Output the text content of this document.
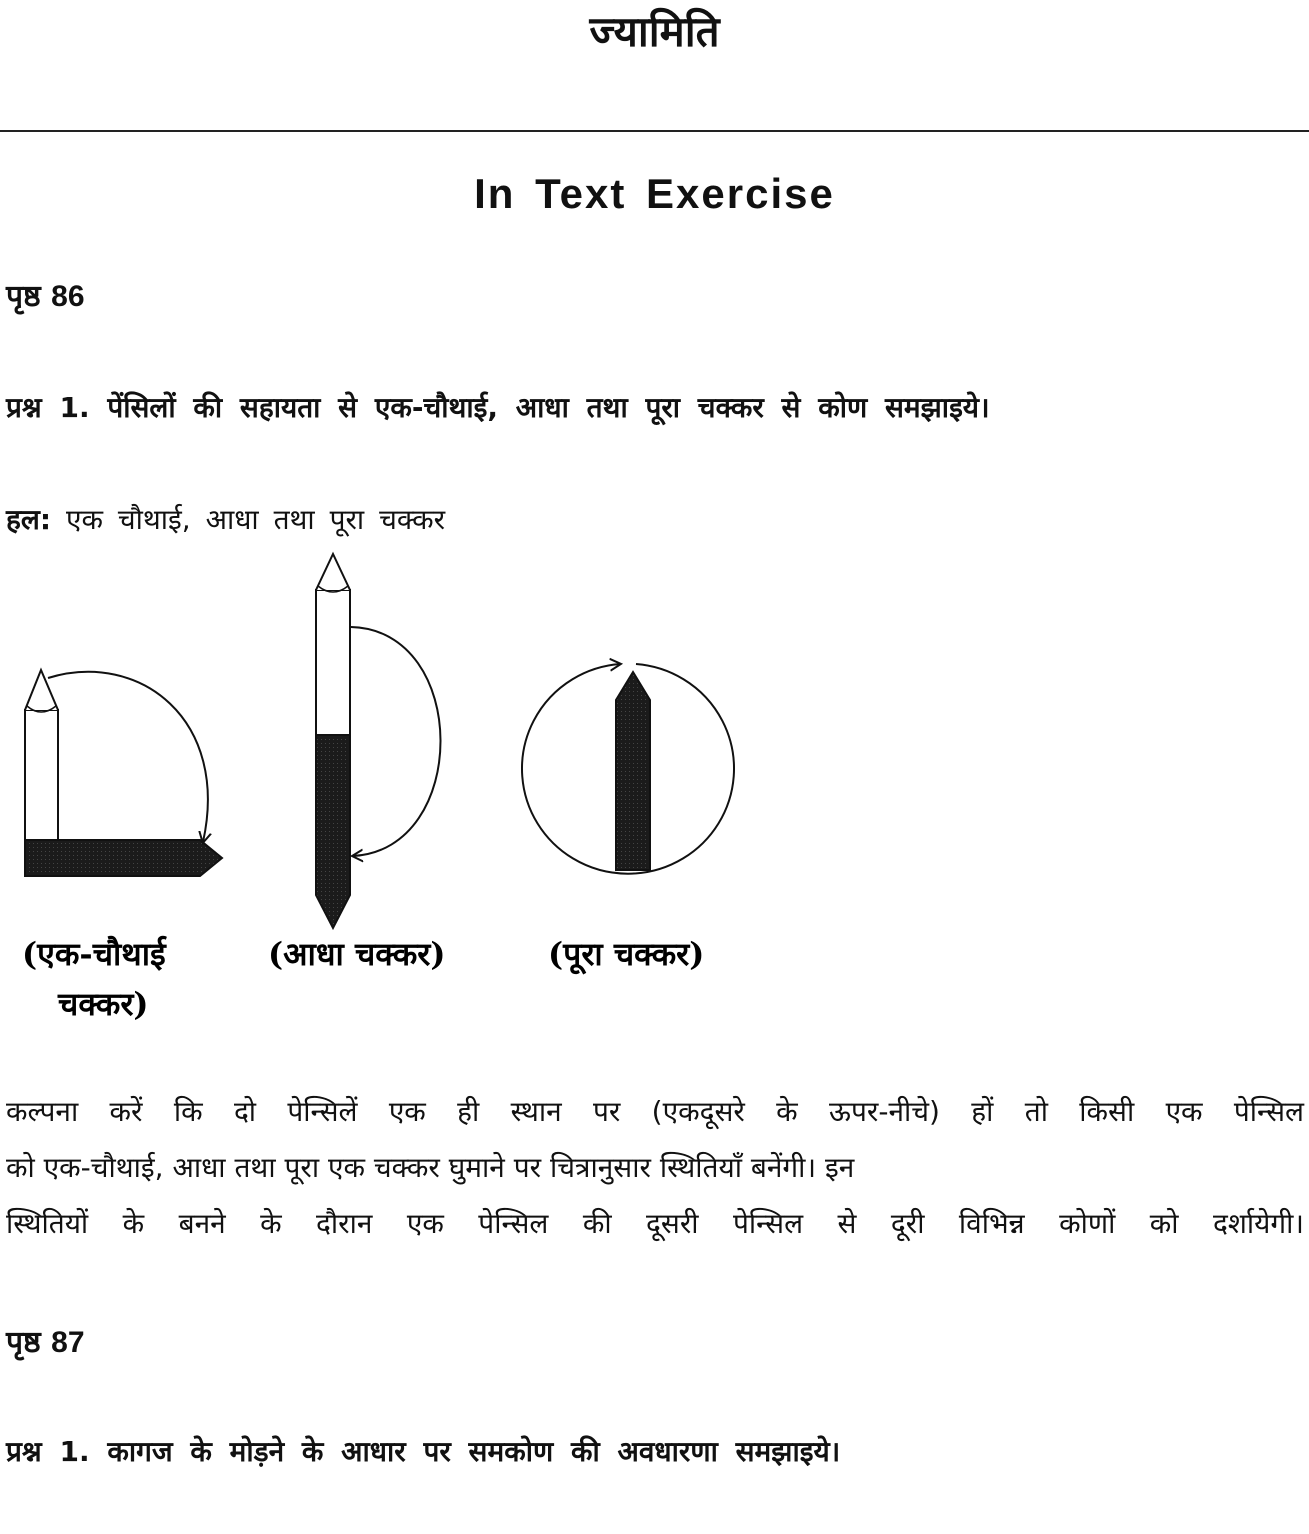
ज्यामिति
In Text Exercise
पृष्ठ 86
प्रश्न 1. पेंसिलों की सहायता से एक-चौथाई, आधा तथा पूरा चक्कर से कोण समझाइये।
हल: एक चौथाई, आधा तथा पूरा चक्कर
(एक-चौथाई
चक्कर)
(आधा चक्कर)	(पूरा चक्कर)
कल्पना करें कि दो पेन्सिलें एक ही स्थान पर (एकदूसरे के ऊपर-नीचे) हों तो किसी एक पेन्सिल
को एक-चौथाई, आधा तथा पूरा एक चक्कर घुमाने पर चित्रानुसार स्थितियाँ बनेंगी। इन
स्थितियों के बनने के दौरान एक पेन्सिल की दूसरी पेन्सिल से दूरी विभिन्न कोणों को दर्शायेगी।
पृष्ठ 87
प्रश्न 1. कागज के मोड़ने के आधार पर समकोण की अवधारणा समझाइये।
